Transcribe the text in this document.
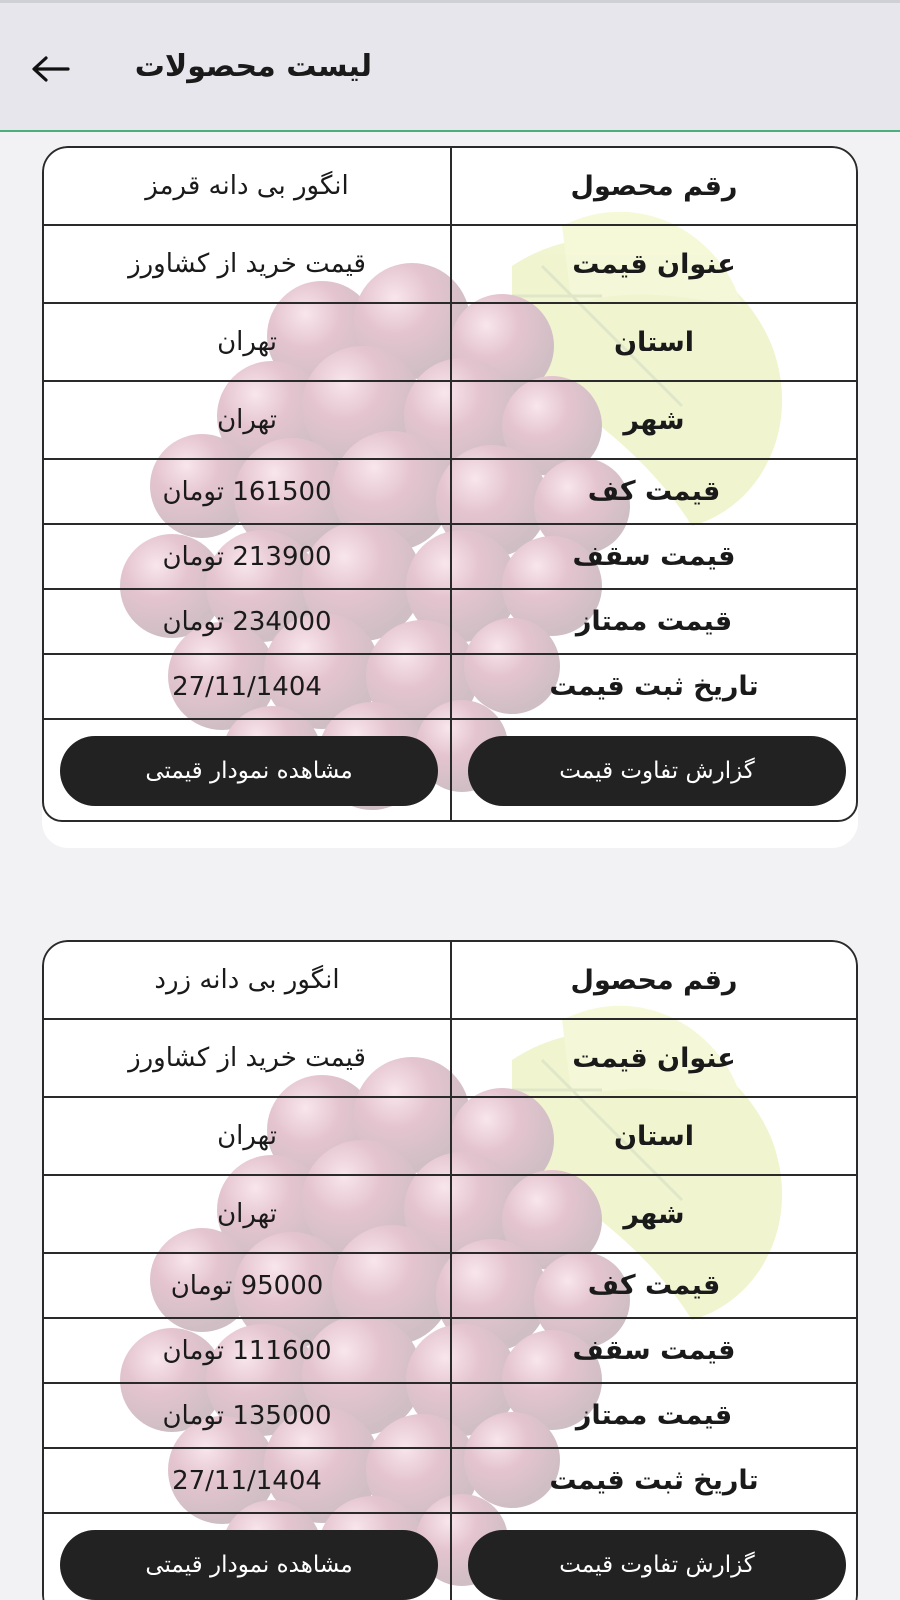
لیست محصولات
رقم محصول
انگور بی دانه قرمز
عنوان قیمت
قیمت خرید از کشاورز
استان
تهران
شهر
تهران
قیمت کف
161500 تومان
قیمت سقف
213900 تومان
قیمت ممتاز
234000 تومان
تاریخ ثبت قیمت
27/11/1404
گزارش تفاوت قیمت
مشاهده نمودار قیمتی
رقم محصول
انگور بی دانه زرد
عنوان قیمت
قیمت خرید از کشاورز
استان
تهران
شهر
تهران
قیمت کف
95000 تومان
قیمت سقف
111600 تومان
قیمت ممتاز
135000 تومان
تاریخ ثبت قیمت
27/11/1404
گزارش تفاوت قیمت
مشاهده نمودار قیمتی
